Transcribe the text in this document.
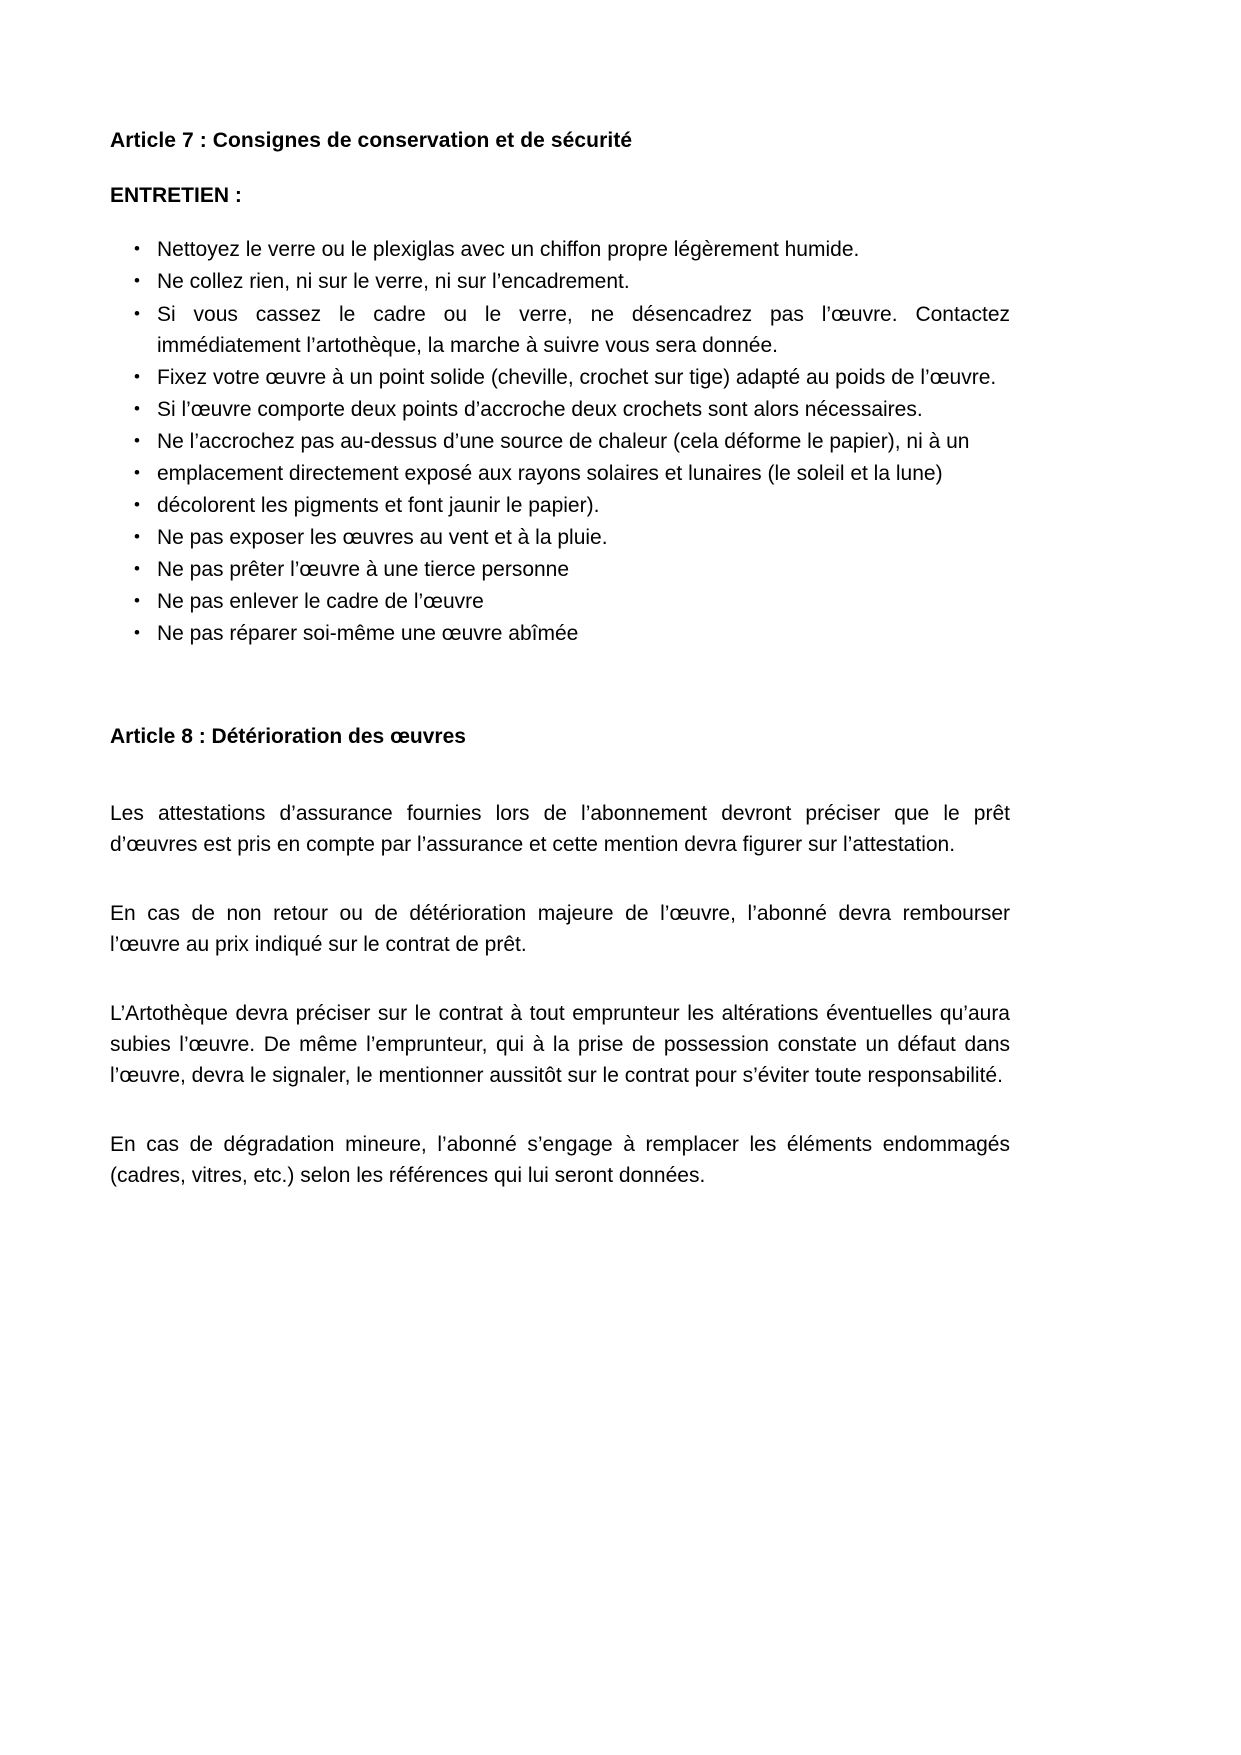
Article 7 : Consignes de conservation et de sécurité

ENTRETIEN :

• Nettoyez le verre ou le plexiglas avec un chiffon propre légèrement humide.
• Ne collez rien, ni sur le verre, ni sur l’encadrement.
• Si vous cassez le cadre ou le verre, ne désencadrez pas l’œuvre. Contactez immédiatement l’artothèque, la marche à suivre vous sera donnée.
• Fixez votre œuvre à un point solide (cheville, crochet sur tige) adapté au poids de l’œuvre.
• Si l’œuvre comporte deux points d’accroche deux crochets sont alors nécessaires.
• Ne l’accrochez pas au-dessus d’une source de chaleur (cela déforme le papier), ni à un
• emplacement directement exposé aux rayons solaires et lunaires (le soleil et la lune)
• décolorent les pigments et font jaunir le papier).
• Ne pas exposer les œuvres au vent et à la pluie.
• Ne pas prêter l’œuvre à une tierce personne
• Ne pas enlever le cadre de l’œuvre
• Ne pas réparer soi-même une œuvre abîmée
Article 8 : Détérioration des œuvres

Les attestations d’assurance fournies lors de l’abonnement devront préciser que le prêt d’œuvres est pris en compte par l’assurance et cette mention devra figurer sur l’attestation.

En cas de non retour ou de détérioration majeure de l’œuvre, l’abonné devra rembourser l’œuvre au prix indiqué sur le contrat de prêt.

L’Artothèque devra préciser sur le contrat à tout emprunteur les altérations éventuelles qu’aura subies l’œuvre. De même l’emprunteur, qui à la prise de possession constate un défaut dans l’œuvre, devra le signaler, le mentionner aussitôt sur le contrat pour s’éviter toute responsabilité.

En cas de dégradation mineure, l’abonné s’engage à remplacer les éléments endommagés (cadres, vitres, etc.) selon les références qui lui seront données.
